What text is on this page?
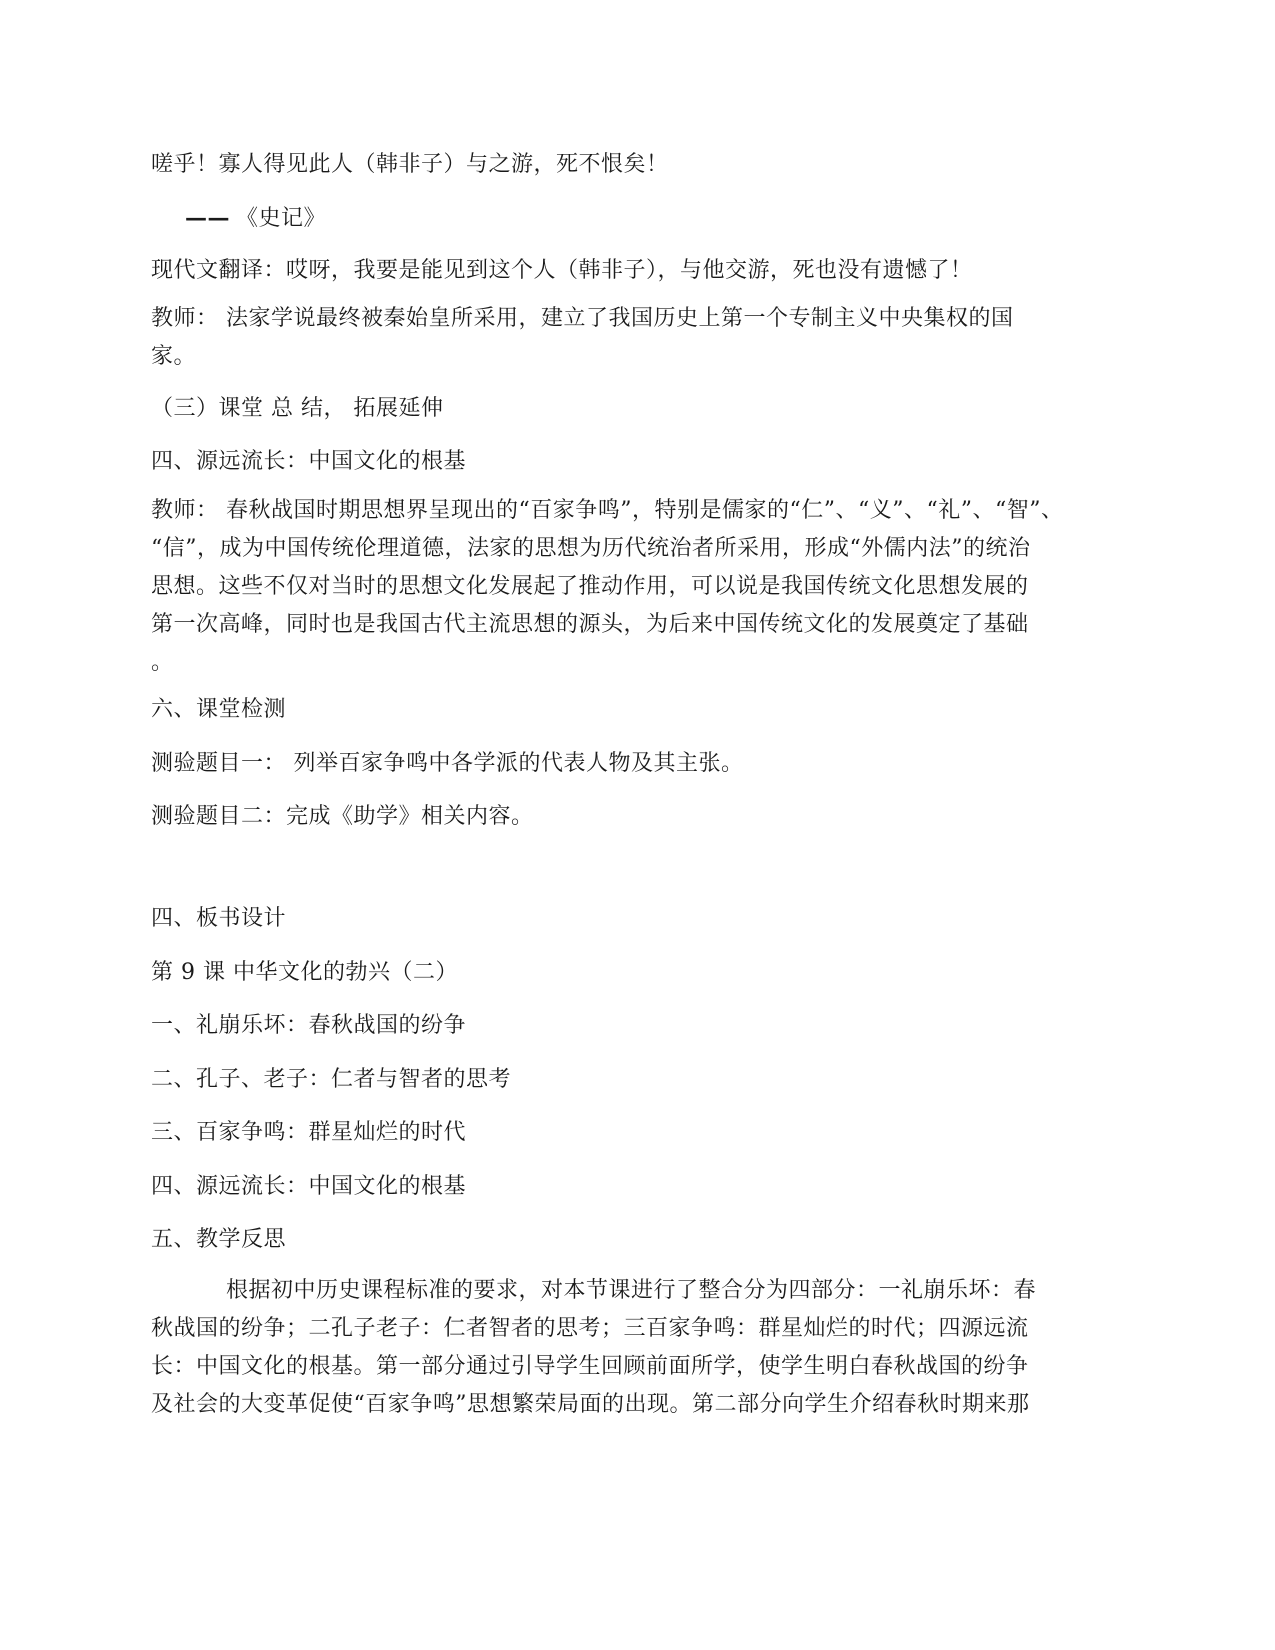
嗟乎！寡人得见此人（韩非子）与之游，死不恨矣！
—— 《史记》
现代文翻译：哎呀，我要是能见到这个人（韩非子），与他交游，死也没有遗憾了！
教师： 法家学说最终被秦始皇所采用，建立了我国历史上第一个专制主义中央集权的国
家。
（三）课堂 总 结， 拓展延伸
四、源远流长：中国文化的根基
教师： 春秋战国时期思想界呈现出的“百家争鸣”，特别是儒家的“仁”、“义”、“礼”、“智”、
“信”，成为中国传统伦理道德，法家的思想为历代统治者所采用，形成“外儒内法”的统治
思想。这些不仅对当时的思想文化发展起了推动作用，可以说是我国传统文化思想发展的
第一次高峰，同时也是我国古代主流思想的源头，为后来中国传统文化的发展奠定了基础
。
六、课堂检测
测验题目一： 列举百家争鸣中各学派的代表人物及其主张。
测验题目二：完成《助学》相关内容。
四、板书设计
第 9 课 中华文化的勃兴（二）
一、礼崩乐坏：春秋战国的纷争
二、孔子、老子：仁者与智者的思考
三、百家争鸣：群星灿烂的时代
四、源远流长：中国文化的根基
五、教学反思
根据初中历史课程标准的要求，对本节课进行了整合分为四部分：一礼崩乐坏：春
秋战国的纷争；二孔子老子：仁者智者的思考；三百家争鸣：群星灿烂的时代；四源远流
长：中国文化的根基。第一部分通过引导学生回顾前面所学，使学生明白春秋战国的纷争
及社会的大变革促使“百家争鸣”思想繁荣局面的出现。第二部分向学生介绍春秋时期来那
